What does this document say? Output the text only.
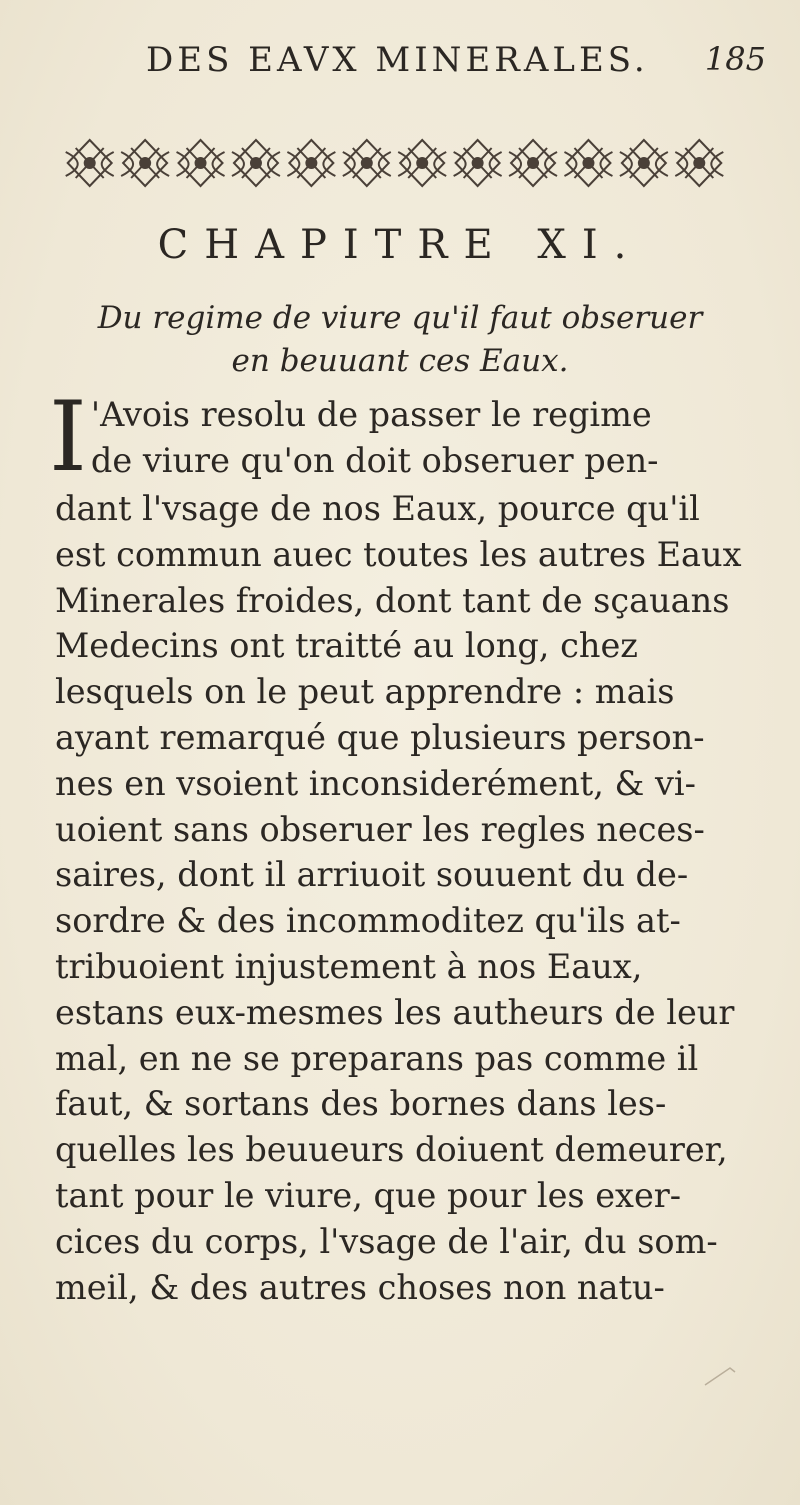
DES EAVX MINERALES. 185
CHAPITRE XI.
Du regime de viure qu'il faut obseruer
en beuuant ces Eaux.
I 'Avois resolu de passer le regime
de viure qu'on doit obseruer pen-
dant l'vsage de nos Eaux, pource qu'il
est commun auec toutes les autres Eaux
Minerales froides, dont tant de sçauans
Medecins ont traitté au long, chez
lesquels on le peut apprendre : mais
ayant remarqué que plusieurs person-
nes en vsoient inconsiderément, & vi-
uoient sans obseruer les regles neces-
saires, dont il arriuoit souuent du de-
sordre & des incommoditez qu'ils at-
tribuoient injustement à nos Eaux,
estans eux-mesmes les autheurs de leur
mal, en ne se preparans pas comme il
faut, & sortans des bornes dans les-
quelles les beuueurs doiuent demeurer,
tant pour le viure, que pour les exer-
cices du corps, l'vsage de l'air, du som-
meil, & des autres choses non natu-
